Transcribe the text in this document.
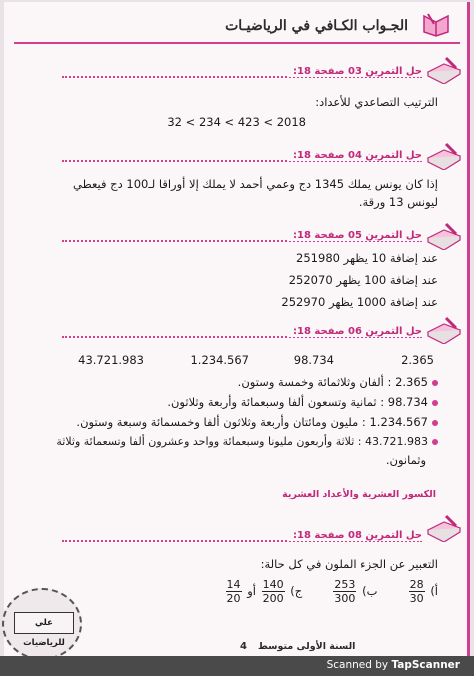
الجـواب الكـافي في الرياضيـات
حل التمرين 03 صفحة 18:
الترتيب التصاعدي للأعداد:
32 < 234 < 423 < 2018
حل التمرين 04 صفحة 18:
إذا كان يونس يملك 1345 دج وعمي أحمد لا يملك إلا أوراقا لـ100 دج فيعطي
ليونس 13 ورقة.
حل التمرين 05 صفحة 18:
عند إضافة 10 يظهر 251980
عند إضافة 100 يظهر 252070
عند إضافة 1000 يظهر 252970
حل التمرين 06 صفحة 18:
2.365
98.734
1.234.567
43.721.983
2.365 : ألفان وثلاثمائة وخمسة وستون.
98.734 : ثمانية وتسعون ألفا وسبعمائة وأربعة وثلاثون.
1.234.567 : مليون ومائتان وأربعة وثلاثون ألفا وخمسمائة وسبعة وستون.
43.721.983 : ثلاثة وأربعون مليونا وسبعمائة وواحد وعشرون ألفا وتسعمائة وثلاثة
وثمانون.
الكسور العشرية والأعداد العشرية
حل التمرين 08 صفحة 18:
التعبير عن الجزء الملون في كل حالة:
أ)
$\frac{28}{30}$
ب)
$\frac{253}{300}$
ج)
$\frac{140}{200}$
أو
$\frac{14}{20}$
علي للرياضيات	السنة الأولى متوسط
4
Scanned by TapScanner
